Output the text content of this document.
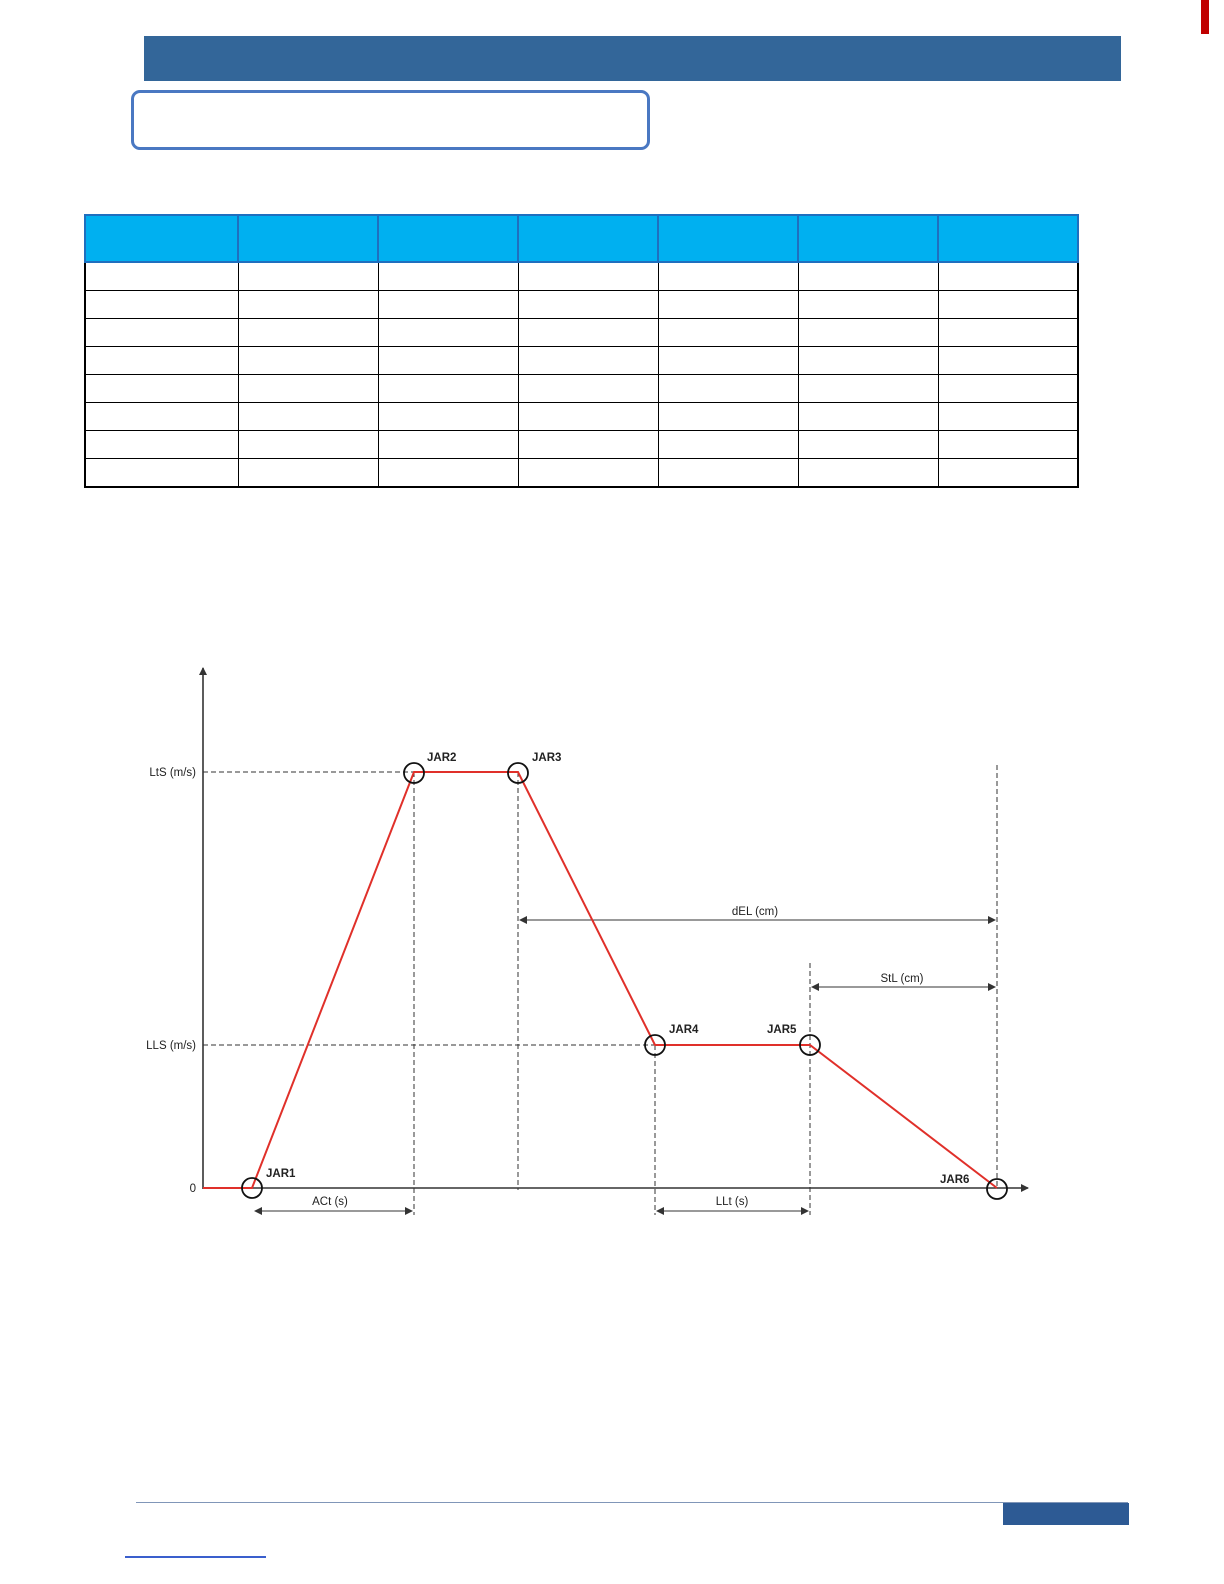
LtS (m/s)
LLS (m/s)
0
JAR1
JAR2	JAR3
JAR4	JAR5
JAR6
dEL (cm)
StL (cm)
ACt (s)	LLt (s)
